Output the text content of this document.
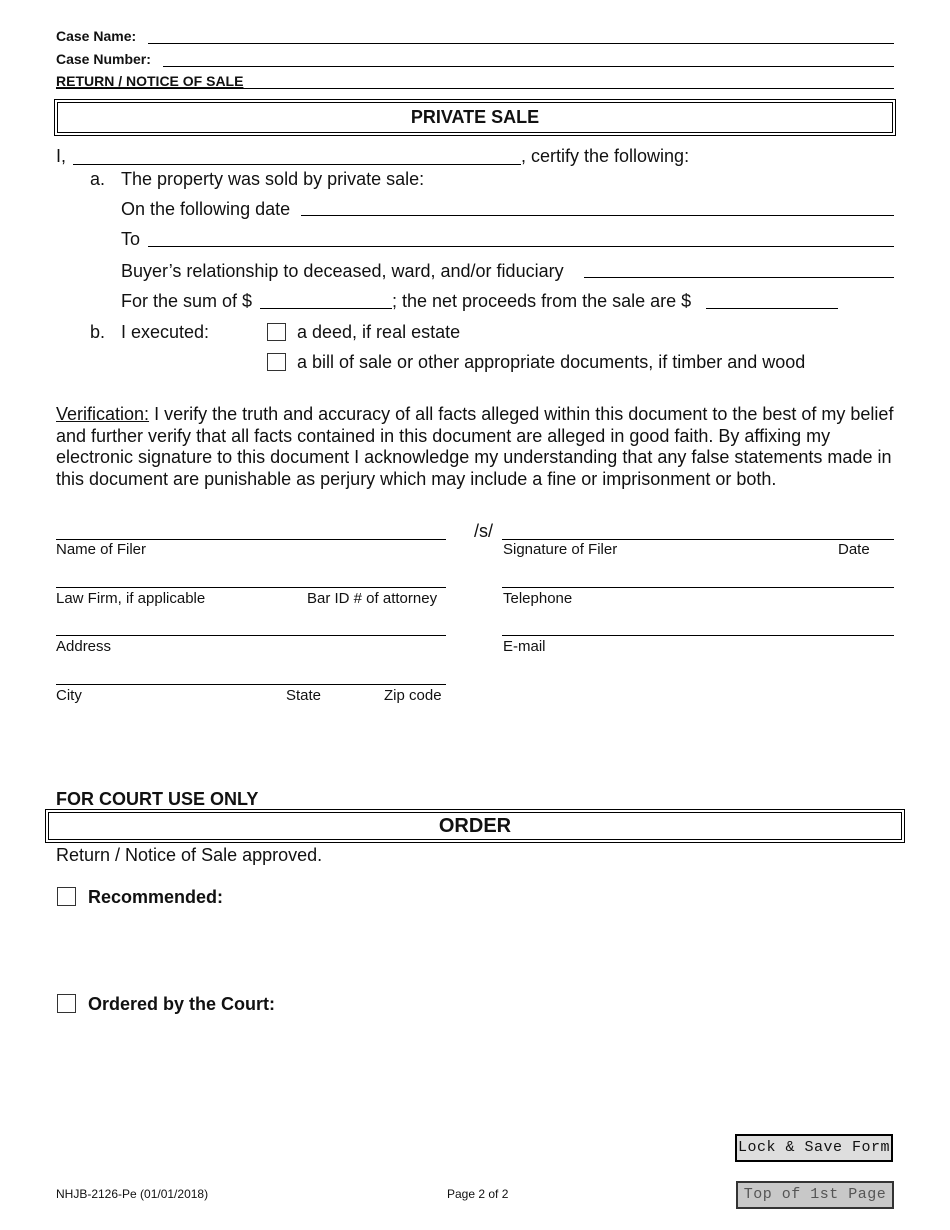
Case Name:
Case Number:
RETURN / NOTICE OF SALE
PRIVATE SALE
I,	, certify the following:
a. The property was sold by private sale:
On the following date
To
Buyer’s relationship to deceased, ward, and/or fiduciary
For the sum of $	; the net proceeds from the sale are $
b. I executed:	a deed, if real estate
a bill of sale or other appropriate documents, if timber and wood
Verification: I verify the truth and accuracy of all facts alleged within this document to the best of my belief and further verify that all facts contained in this document are alleged in good faith. By affixing my electronic signature to this document I acknowledge my understanding that any false statements made in this document are punishable as perjury which may include a fine or imprisonment or both.
/s/
Name of Filer	Signature of Filer	Date
Law Firm, if applicable	Bar ID # of attorney	Telephone
Address	E-mail
City	State	Zip code
FOR COURT USE ONLY
ORDER
Return / Notice of Sale approved.
Recommended:
Ordered by the Court:
Lock & Save Form
Top of 1st Page
NHJB-2126-Pe (01/01/2018)	Page 2 of 2
